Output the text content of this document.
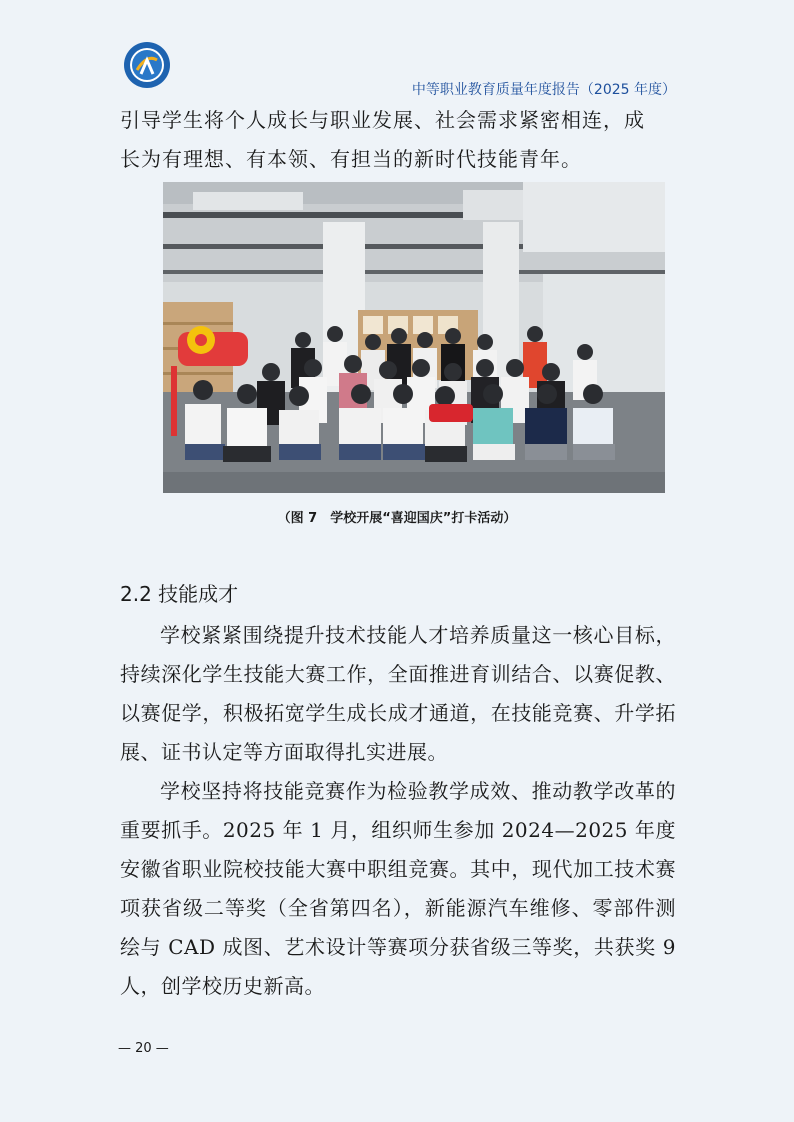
中等职业教育质量年度报告（2025 年度）

引导学生将个人成长与职业发展、社会需求紧密相连，成

长为有理想、有本领、有担当的新时代技能青年。

（图 7　学校开展“喜迎国庆”打卡活动）
2.2 技能成才

学校紧紧围绕提升技术技能人才培养质量这一核心目标，持续深化学生技能大赛工作，全面推进育训结合、以赛促教、以赛促学，积极拓宽学生成长成才通道，在技能竞赛、升学拓展、证书认定等方面取得扎实进展。

学校坚持将技能竞赛作为检验教学成效、推动教学改革的重要抓手。2025 年 1 月，组织师生参加 2024—2025 年度安徽省职业院校技能大赛中职组竞赛。其中，现代加工技术赛项获省级二等奖（全省第四名），新能源汽车维修、零部件测绘与 CAD 成图、艺术设计等赛项分获省级三等奖，共获奖 9 人，创学校历史新高。

— 20 —
